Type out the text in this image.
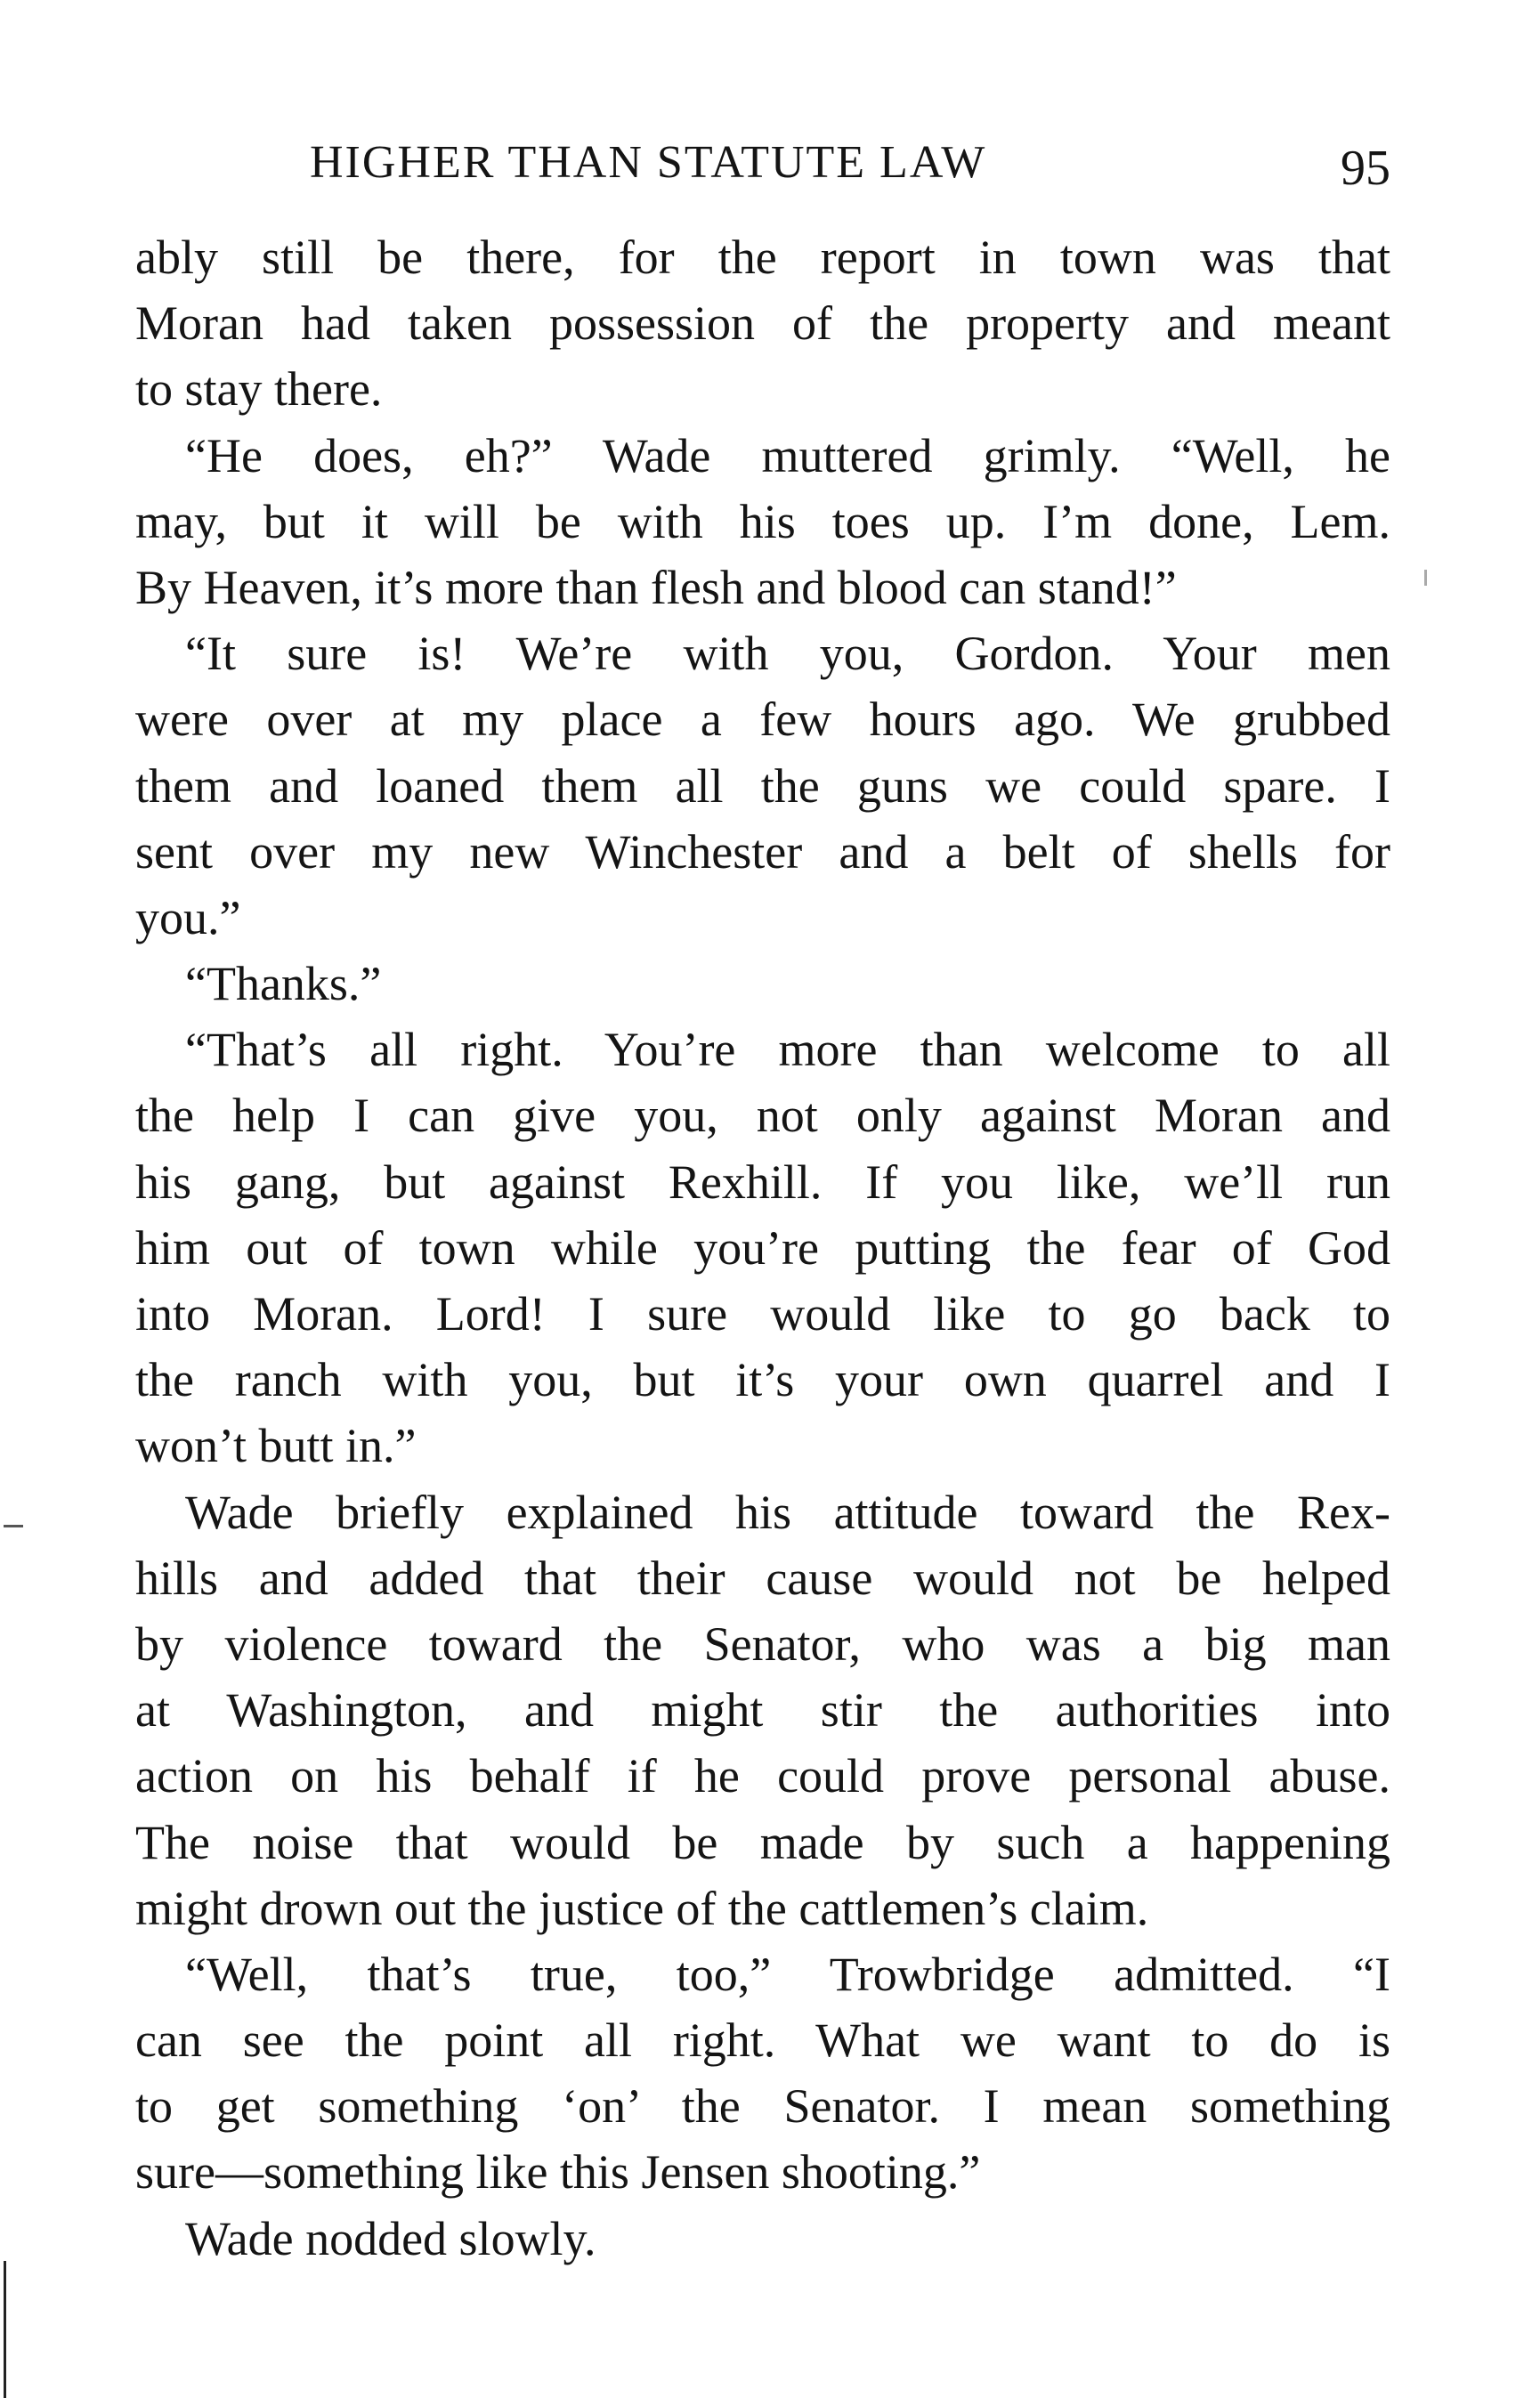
HIGHER THAN STATUTE LAW	95
ably still be there, for the report in town was that
Moran had taken possession of the property and meant
to stay there.
“He does, eh?” Wade muttered grimly. “Well, he
may, but it will be with his toes up. I’m done, Lem.
By Heaven, it’s more than flesh and blood can stand!”
“It sure is! We’re with you, Gordon. Your men
were over at my place a few hours ago. We grubbed
them and loaned them all the guns we could spare. I
sent over my new Winchester and a belt of shells for
you.”
“Thanks.”
“That’s all right. You’re more than welcome to all
the help I can give you, not only against Moran and
his gang, but against Rexhill. If you like, we’ll run
him out of town while you’re putting the fear of God
into Moran. Lord! I sure would like to go back to
the ranch with you, but it’s your own quarrel and I
won’t butt in.”
Wade briefly explained his attitude toward the Rex-
hills and added that their cause would not be helped
by violence toward the Senator, who was a big man
at Washington, and might stir the authorities into
action on his behalf if he could prove personal abuse.
The noise that would be made by such a happening
might drown out the justice of the cattlemen’s claim.
“Well, that’s true, too,” Trowbridge admitted. “I
can see the point all right. What we want to do is
to get something ‘on’ the Senator. I mean something
sure—something like this Jensen shooting.”
Wade nodded slowly.
